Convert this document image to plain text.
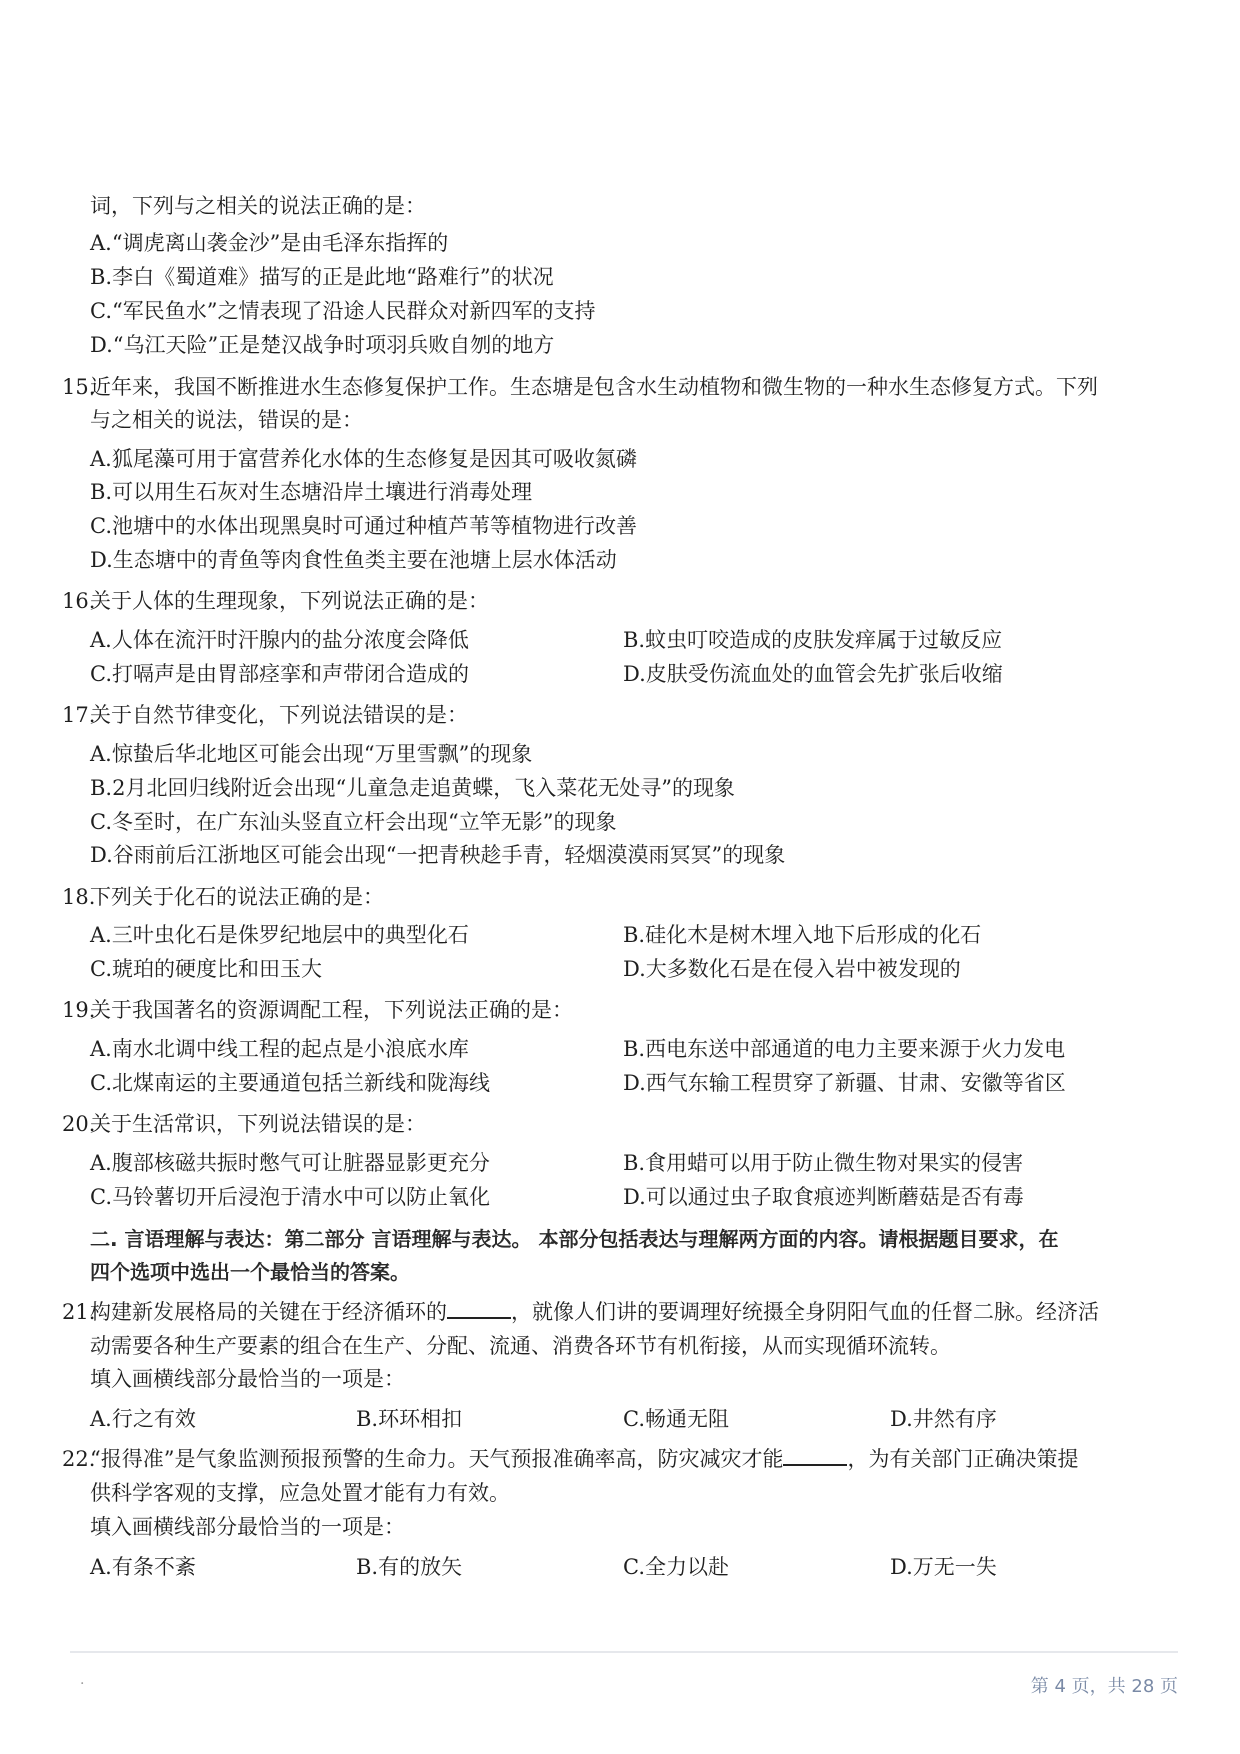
词，下列与之相关的说法正确的是：
A.“调虎离山袭金沙”是由毛泽东指挥的
B.李白《蜀道难》描写的正是此地“路难行”的状况
C.“军民鱼水”之情表现了沿途人民群众对新四军的支持
D.“乌江天险”正是楚汉战争时项羽兵败自刎的地方
15.
近年来，我国不断推进水生态修复保护工作。生态塘是包含水生动植物和微生物的一种水生态修复方式。下列
与之相关的说法，错误的是：
A.狐尾藻可用于富营养化水体的生态修复是因其可吸收氮磷
B.可以用生石灰对生态塘沿岸土壤进行消毒处理
C.池塘中的水体出现黑臭时可通过种植芦苇等植物进行改善
D.生态塘中的青鱼等肉食性鱼类主要在池塘上层水体活动
16.
关于人体的生理现象，下列说法正确的是：
A.人体在流汗时汗腺内的盐分浓度会降低	B.蚊虫叮咬造成的皮肤发痒属于过敏反应
C.打嗝声是由胃部痉挛和声带闭合造成的	D.皮肤受伤流血处的血管会先扩张后收缩
17.
关于自然节律变化，下列说法错误的是：
A.惊蛰后华北地区可能会出现“万里雪飘”的现象
B.2月北回归线附近会出现“儿童急走追黄蝶，飞入菜花无处寻”的现象
C.冬至时，在广东汕头竖直立杆会出现“立竿无影”的现象
D.谷雨前后江浙地区可能会出现“一把青秧趁手青，轻烟漠漠雨冥冥”的现象
18.
下列关于化石的说法正确的是：
A.三叶虫化石是侏罗纪地层中的典型化石	B.硅化木是树木埋入地下后形成的化石
C.琥珀的硬度比和田玉大	D.大多数化石是在侵入岩中被发现的
19.
关于我国著名的资源调配工程，下列说法正确的是：
A.南水北调中线工程的起点是小浪底水库	B.西电东送中部通道的电力主要来源于火力发电
C.北煤南运的主要通道包括兰新线和陇海线	D.西气东输工程贯穿了新疆、甘肃、安徽等省区
20.
关于生活常识，下列说法错误的是：
A.腹部核磁共振时憋气可让脏器显影更充分	B.食用蜡可以用于防止微生物对果实的侵害
C.马铃薯切开后浸泡于清水中可以防止氧化	D.可以通过虫子取食痕迹判断蘑菇是否有毒
二. 言语理解与表达：第二部分 言语理解与表达。 本部分包括表达与理解两方面的内容。请根据题目要求，在
四个选项中选出一个最恰当的答案。
21.
构建新发展格局的关键在于经济循环的	，就像人们讲的要调理好统摄全身阴阳气血的任督二脉。经济活
动需要各种生产要素的组合在生产、分配、流通、消费各环节有机衔接，从而实现循环流转。
填入画横线部分最恰当的一项是：
A.行之有效	B.环环相扣	C.畅通无阻	D.井然有序
22.
“报得准”是气象监测预报预警的生命力。天气预报准确率高，防灾减灾才能	，为有关部门正确决策提
供科学客观的支撑，应急处置才能有力有效。
填入画横线部分最恰当的一项是：
A.有条不紊	B.有的放矢	C.全力以赴	D.万无一失
·	第 4 页，共 28 页
